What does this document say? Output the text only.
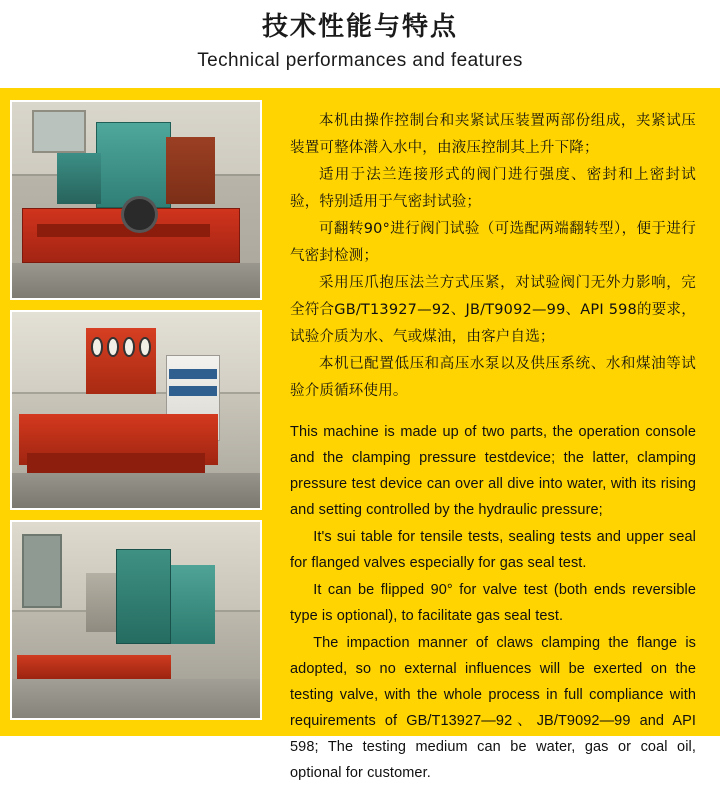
技术性能与特点
Technical performances and features

本机由操作控制台和夹紧试压装置两部份组成，夹紧试压装置可整体潜入水中，由液压控制其上升下降；

适用于法兰连接形式的阀门进行强度、密封和上密封试验，特别适用于气密封试验；

可翻转90°进行阀门试验（可选配两端翻转型），便于进行气密封检测；

采用压爪抱压法兰方式压紧，对试验阀门无外力影响，完全符合GB/T13927—92、JB/T9092—99、API 598的要求，试验介质为水、气或煤油，由客户自选；

本机已配置低压和高压水泵以及供压系统、水和煤油等试验介质循环使用。

This machine is made up of two parts, the operation console and the clamping pressure testdevice; the latter, clamping pressure test device can over all dive into water, with its rising and setting controlled by the hydraulic pressure;

It's sui table for tensile tests, sealing tests and upper seal for flanged valves especially for gas seal test.

It can be flipped 90° for valve test (both ends reversible type is optional), to facilitate gas seal test.

The impaction manner of claws clamping the flange is adopted, so no external influences will be exerted on the testing valve, with the whole process in full compliance with requirements of GB/T13927—92、JB/T9092—99 and API 598; The testing medium can be water, gas or coal oil, optional for customer.
